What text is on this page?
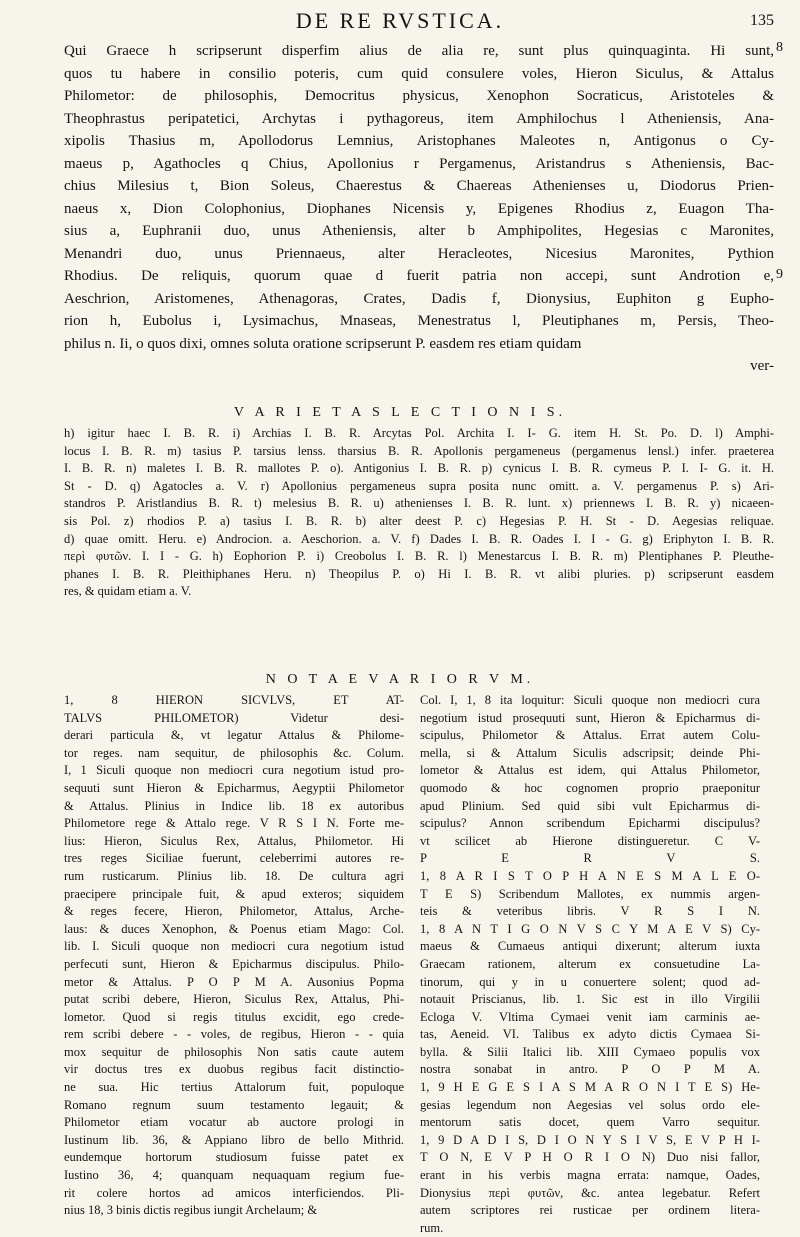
DE RE RVSTICA.	135
8
9
Qui Graece h scripserunt disperfim alius de alia re, sunt plus quinquaginta. Hi sunt,
quos tu habere in consilio poteris, cum quid consulere voles, Hieron Siculus, & Attalus
Philometor: de philosophis, Democritus physicus, Xenophon Socraticus, Aristoteles &
Theophrastus peripatetici, Archytas i pythagoreus, item Amphilochus l Atheniensis, Ana-
xipolis Thasius m, Apollodorus Lemnius, Aristophanes Maleotes n, Antigonus o Cy-
maeus p, Agathocles q Chius, Apollonius r Pergamenus, Aristandrus s Atheniensis, Bac-
chius Milesius t, Bion Soleus, Chaerestus & Chaereas Athenienses u, Diodorus Prien-
naeus x, Dion Colophonius, Diophanes Nicensis y, Epigenes Rhodius z, Euagon Tha-
sius a, Euphranii duo, unus Atheniensis, alter b Amphipolites, Hegesias c Maronites,
Menandri duo, unus Priennaeus, alter Heracleotes, Nicesius Maronites, Pythion
Rhodius. De reliquis, quorum quae d fuerit patria non accepi, sunt Androtion e,
Aeschrion, Aristomenes, Athenagoras, Crates, Dadis f, Dionysius, Euphiton g Eupho-
rion h, Eubolus i, Lysimachus, Mnaseas, Menestratus l, Pleutiphanes m, Persis, Theo-
philus n. Ii, o quos dixi, omnes soluta oratione scripserunt P. easdem res etiam quidam
ver-
V A R I E T A S L E C T I O N I S.
h) igitur haec I. B. R. i) Archias I. B. R. Arcytas Pol. Archita I. I- G. item H. St. Po. D. l) Amphi-
locus I. B. R. m) tasius P. tarsius lenss. tharsius B. R. Apollonis pergameneus (pergamenus lensl.) infer. praeterea
I. B. R. n) maletes I. B. R. mallotes P. o). Antigonius I. B. R. p) cynicus I. B. R. cymeus P. I. I- G. it. H.
St - D. q) Agatocles a. V. r) Apollonius pergameneus supra posita nunc omitt. a. V. pergamenus P. s) Ari-
standros P. Aristlandius B. R. t) melesius B. R. u) athenienses I. B. R. lunt. x) priennews I. B. R. y) nicaeen-
sis Pol. z) rhodios P. a) tasius I. B. R. b) alter deest P. c) Hegesias P. H. St - D. Aegesias reliquae.
d) quae omitt. Heru. e) Androcion. a. Aeschorion. a. V. f) Dades I. B. R. Oades I. I - G. g) Eriphyton I. B. R.
περὶ φυτῶν. I. I - G. h) Eophorion P. i) Creobolus I. B. R. l) Menestarcus I. B. R. m) Plentiphanes P. Pleuthe-
phanes I. B. R. Pleithiphanes Heru. n) Theopilus P. o) Hi I. B. R. vt alibi pluries. p) scripserunt easdem
res, & quidam etiam a. V.
N O T A E V A R I O R V M.
1, 8 HIERON SICVLVS, ET AT-
TALVS PHILOMETOR) Videtur desi-
derari particula &, vt legatur Attalus & Philome-
tor reges. nam sequitur, de philosophis &c. Colum.
I, 1 Siculi quoque non mediocri cura negotium istud pro-
sequuti sunt Hieron & Epicharmus, Aegyptii Philometor
& Attalus. Plinius in Indice lib. 18 ex autoribus
Philometore rege & Attalo rege. V R S I N. Forte me-
lius: Hieron, Siculus Rex, Attalus, Philometor. Hi
tres reges Siciliae fuerunt, celeberrimi autores re-
rum rusticarum. Plinius lib. 18. De cultura agri
praecipere principale fuit, & apud exteros; siquidem
& reges fecere, Hieron, Philometor, Attalus, Arche-
laus: & duces Xenophon, & Poenus etiam Mago: Col.
lib. I. Siculi quoque non mediocri cura negotium istud
perfecuti sunt, Hieron & Epicharmus discipulus. Philo-
metor & Attalus. P O P M A. Ausonius Popma
putat scribi debere, Hieron, Siculus Rex, Attalus, Phi-
lometor. Quod si regis titulus excidit, ego crede-
rem scribi debere - - voles, de regibus, Hieron - - quia
mox sequitur de philosophis Non satis caute autem
vir doctus tres ex duobus regibus facit distinctio-
ne sua. Hic tertius Attalorum fuit, populoque
Romano regnum suum testamento legauit; &
Philometor etiam vocatur ab auctore prologi in
Iustinum lib. 36, & Appiano libro de bello Mithrid.
eundemque hortorum studiosum fuisse patet ex
Iustino 36, 4; quanquam nequaquam regium fue-
rit colere hortos ad amicos interficiendos. Pli-
nius 18, 3 binis dictis regibus iungit Archelaum; &
Col. I, 1, 8 ita loquitur: Siculi quoque non mediocri cura
negotium istud prosequuti sunt, Hieron & Epicharmus di-
scipulus, Philometor & Attalus. Errat autem Colu-
mella, si & Attalum Siculis adscripsit; deinde Phi-
lometor & Attalus est idem, qui Attalus Philometor,
quomodo & hoc cognomen proprio praeponitur
apud Plinium. Sed quid sibi vult Epicharmus di-
scipulus? Annon scribendum Epicharmi discipulus?
vt scilicet ab Hierone distingueretur. C V-
P E R V S.
1, 8 A R I S T O P H A N E S M A L E O-
T E S) Scribendum Mallotes, ex nummis argen-
teis & veteribus libris. V R S I N.
1, 8 A N T I G O N V S C Y M A E V S) Cy-
maeus & Cumaeus antiqui dixerunt; alterum iuxta
Graecam rationem, alterum ex consuetudine La-
tinorum, qui y in u conuertere solent; quod ad-
notauit Priscianus, lib. 1. Sic est in illo Virgilii
Ecloga V. Vltima Cymaei venit iam carminis ae-
tas, Aeneid. VI. Talibus ex adyto dictis Cymaea Si-
bylla. & Silii Italici lib. XIII Cymaeo populis vox
nostra sonabat in antro. P O P M A.
1, 9 H E G E S I A S M A R O N I T E S) He-
gesias legendum non Aegesias vel solus ordo ele-
mentorum satis docet, quem Varro sequitur.
1, 9 D A D I S, D I O N Y S I V S, E V P H I-
T O N, E V P H O R I O N) Duo nisi fallor,
erant in his verbis magna errata: namque, Oades,
Dionysius περὶ φυτῶν, &c. antea legebatur. Refert
autem scriptores rei rusticae per ordinem litera-
rum.
